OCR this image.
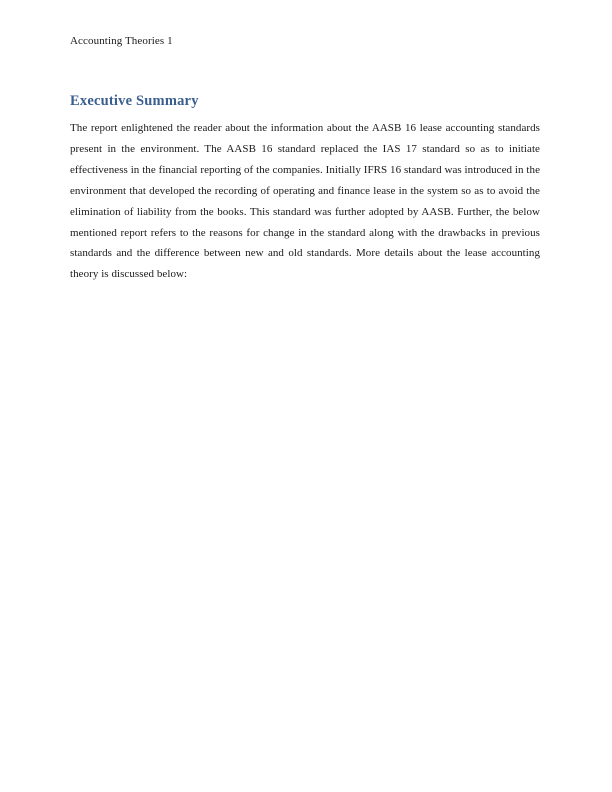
Accounting Theories 1
Executive Summary

The report enlightened the reader about the information about the AASB 16 lease accounting standards present in the environment. The AASB 16 standard replaced the IAS 17 standard so as to initiate effectiveness in the financial reporting of the companies. Initially IFRS 16 standard was introduced in the environment that developed the recording of operating and finance lease in the system so as to avoid the elimination of liability from the books. This standard was further adopted by AASB. Further, the below mentioned report refers to the reasons for change in the standard along with the drawbacks in previous standards and the difference between new and old standards. More details about the lease accounting theory is discussed below:
